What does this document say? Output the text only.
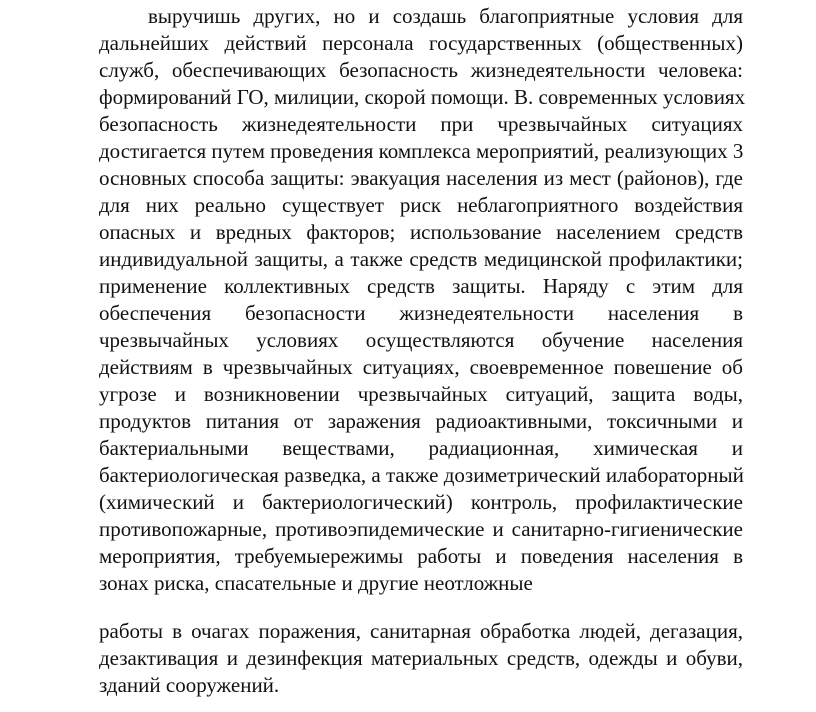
выручишь других, но и создашь благоприятные условия для
дальнейших действий персонала государственных (общественных)
служб, обеспечивающих безопасность жизнедеятельности человека:
формирований ГО, милиции, скорой помощи. В. современных условиях
безопасность жизнедеятельности при чрезвычайных ситуациях
достигается путем проведения комплекса мероприятий, реализующих 3
основных способа защиты: эвакуация населения из мест (районов), где
для них реально существует риск неблагоприятного воздействия
опасных и вредных факторов; использование населением средств
индивидуальной защиты, а также средств медицинской профилактики;
применение коллективных средств защиты. Наряду с этим для
обеспечения безопасности жизнедеятельности населения в
чрезвычайных условиях осуществляются обучение населения
действиям в чрезвычайных ситуациях, своевременное повешение об
угрозе и возникновении чрезвычайных ситуаций, защита воды,
продуктов питания от заражения радиоактивными, токсичными и
бактериальными веществами, радиационная, химическая и
бактериологическая разведка, а также дозиметрический илабораторный
(химический и бактериологический) контроль, профилактические
противопожарные, противоэпидемические и санитарно-гигиенические
мероприятия, требуемыережимы работы и поведения населения в
зонах риска, спасательные и другие неотложные
работы в очагах поражения, санитарная обработка людей, дегазация,
дезактивация и дезинфекция материальных средств, одежды и обуви,
зданий сооружений.
